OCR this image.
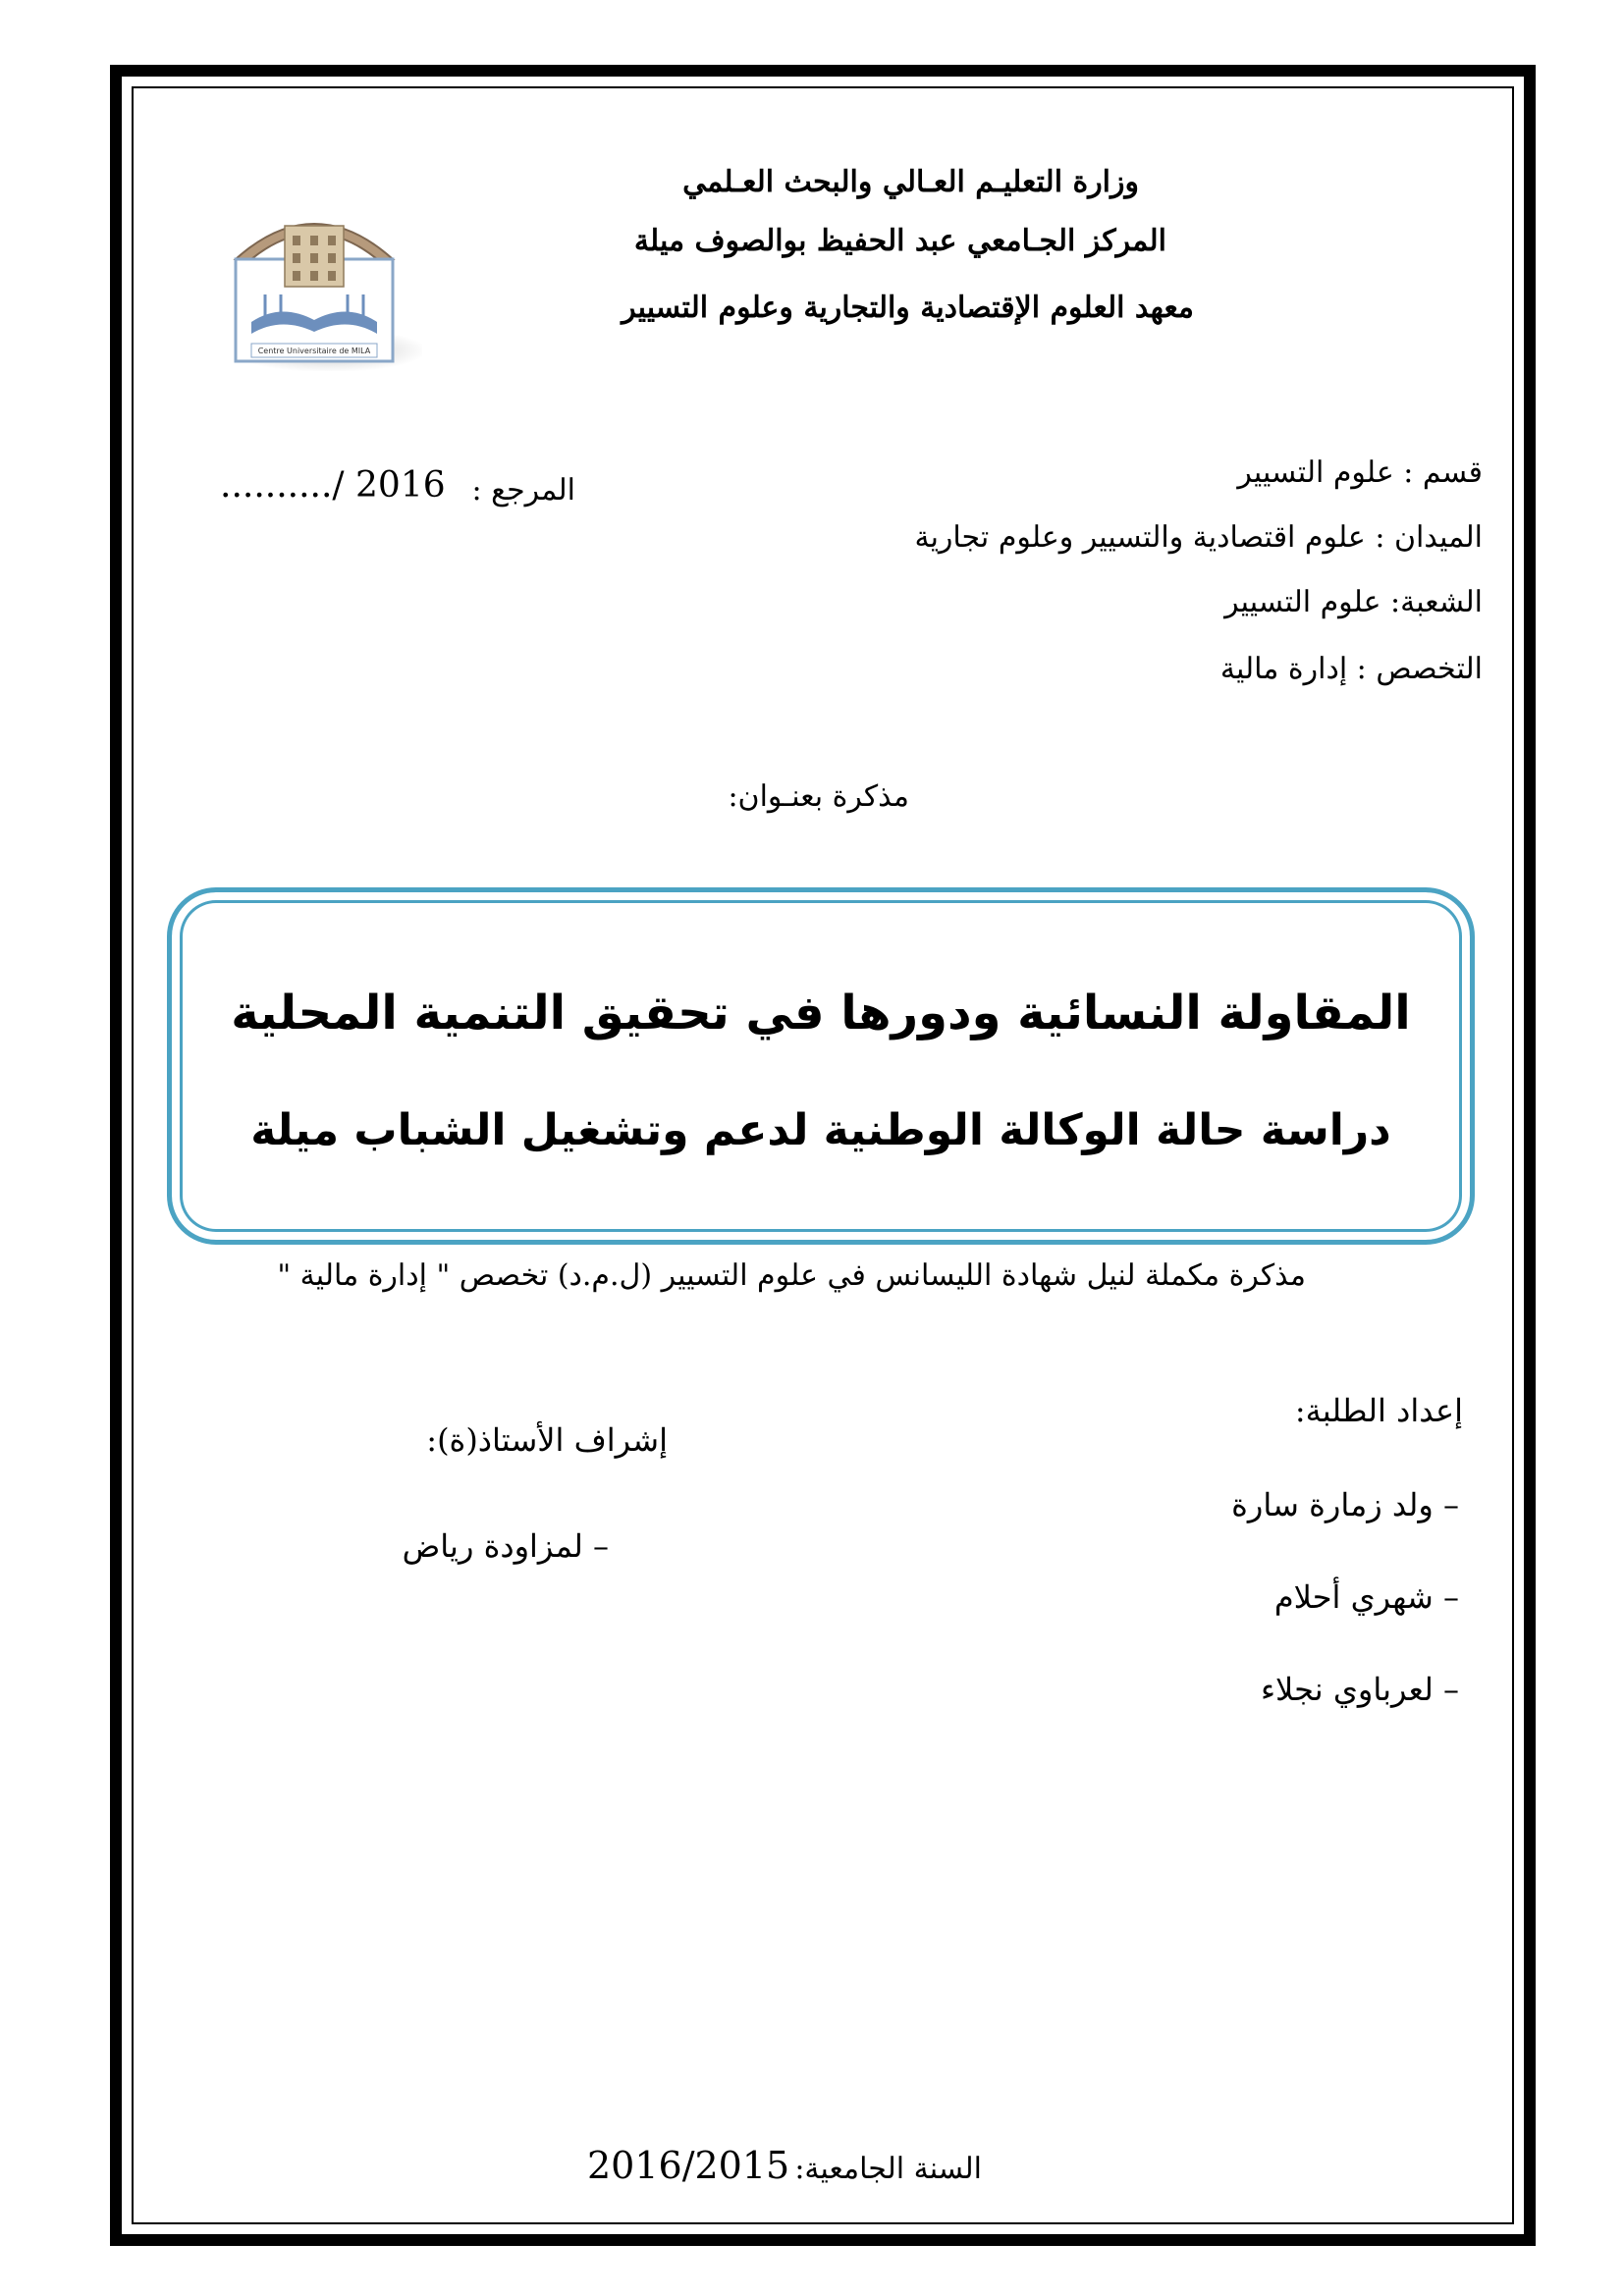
Centre Universitaire de MILA
وزارة التعليـم العـالي والبحث العـلمي
المركز الجـامعي عبد الحفيظ بوالصوف ميلة
معهد العلوم الإقتصادية والتجارية وعلوم التسيير
قسم : علوم التسيير
الميدان : علوم اقتصادية والتسيير وعلوم تجارية
الشعبة: علوم التسيير
التخصص : إدارة مالية
المرجع :
........../ 2016
مذكرة بعنـوان:
المقاولة النسائية ودورها في تحقيق التنمية المحلية
دراسة حالة الوكالة الوطنية لدعم وتشغيل الشباب ميلة
مذكرة مكملة لنيل شهادة الليسانس في علوم التسيير (ل.م.د) تخصص " إدارة مالية "
إعداد الطلبة:
– ولد زمارة سارة
– شهري أحلام
– لعرباوي نجلاء
إشراف الأستاذ(ة):
– لمزاودة رياض
السنة الجامعية: 2016/2015
